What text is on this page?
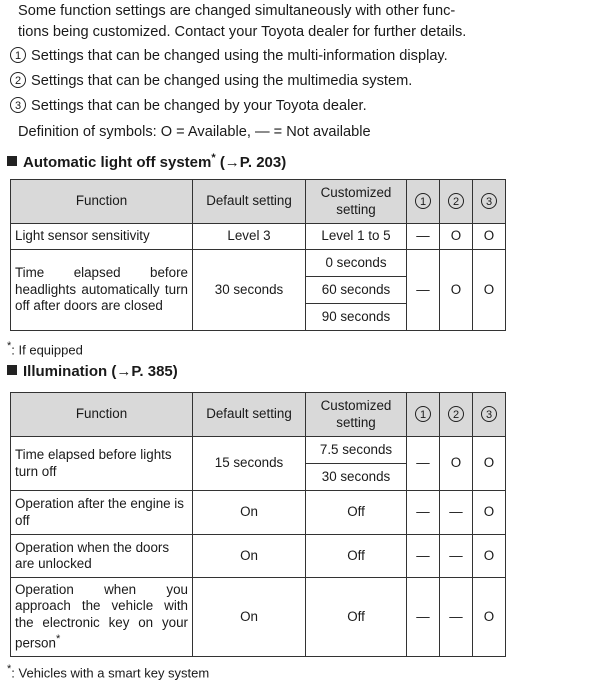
Some function settings are changed simultaneously with other func-
tions being customized. Contact your Toyota dealer for further details.
1 Settings that can be changed using the multi-information display.
2 Settings that can be changed using the multimedia system.
3 Settings that can be changed by your Toyota dealer.
Definition of symbols: O = Available, — = Not available
Automatic light off system* (→P. 203)
Function	Default setting	Customized setting	1	2	3
Light sensor sensitivity	Level 3	Level 1 to 5	—	O	O
Time elapsed before headlights automatically turn off after doors are closed	30 seconds	0 seconds	—	O	O
		60 seconds			
		90 seconds			
*: If equipped
Illumination (→P. 385)
Function	Default setting	Customized setting	1	2	3
Time elapsed before lights turn off	15 seconds	7.5 seconds	—	O	O
		30 seconds			
Operation after the engine is off	On	Off	—	—	O
Operation when the doors are unlocked	On	Off	—	—	O
Operation when you approach the vehicle with the electronic key on your person*	On	Off	—	—	O
*: Vehicles with a smart key system
